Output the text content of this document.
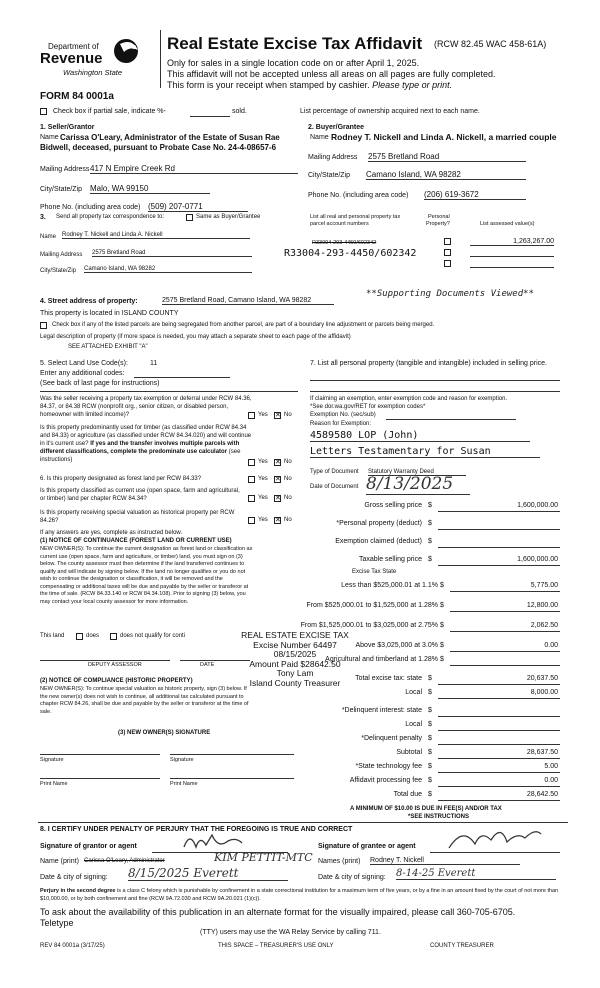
Department of
Revenue
Washington State
Real Estate Excise Tax Affidavit (RCW 82.45 WAC 458-61A)
Only for sales in a single location code on or after April 1, 2025.
This affidavit will not be accepted unless all areas on all pages are fully completed.
This form is your receipt when stamped by cashier. Please type or print.
FORM 84 0001a
Check box if partial sale, indicate %-	sold.	List percentage of ownership acquired next to each name.
1. Seller/Grantor
Name Carissa O'Leary, Administrator of the Estate of Susan Rae
Bidwell, deceased, pursuant to Probate Case No. 24-4-08657-6
Mailing Address 417 N Empire Creek Rd
City/State/Zip Malo, WA 99150
Phone No. (including area code) (509) 207-0771
2. Buyer/Grantee
Name Rodney T. Nickell and Linda A. Nickell, a married couple
Mailing Address 2575 Bretland Road
City/State/Zip Camano Island, WA 98282
Phone No. (including area code) (206) 619-3672
3. Send all property tax correspondence to:	Same as Buyer/Grantee
Name Rodney T. Nickell and Linda A. Nickell
Mailing Address 2575 Bretland Road
City/State/Zip Camano Island, WA 98282
List all real and personal property tax
parcel account numbers
Personal
Property?	List assessed value(s)
R33004-293-4450/602342
R33004-293-4450/602342
1,263,267.00
**Supporting Documents Viewed**
4. Street address of property:	2575 Bretland Road, Camano Island, WA 98282
This property is located in ISLAND COUNTY
Check box if any of the listed parcels are being segregated from another parcel, are part of a boundary line adjustment or parcels being merged.
Legal description of property (if more space is needed, you may attach a separate sheet to each page of the affidavit)
SEE ATTACHED EXHIBIT "A"
5. Select Land Use Code(s):	11
Enter any additional codes:
(See back of last page for instructions)
Was the seller receiving a property tax exemption or deferral under RCW 84.36, 84.37, or 84.38 RCW (nonprofit org., senior citizen, or disabled person, homeowner with limited income)?	Yes ✕ No
Is this property predominantly used for timber (as classified under RCW 84.34 and 84.33) or agriculture (as classified under RCW 84.34.020) and will continue in it's current use? If yes and the transfer involves multiple parcels with different classifications, complete the predominate use calculator (see instructions)	Yes ✕ No
6. Is this property designated as forest land per RCW 84.33?	Yes ✕ No
Is this property classified as current use (open space, farm and agricultural, or timber) land per chapter RCW 84.34?	Yes ✕ No
Is this property receiving special valuation as historical property per RCW 84.26?	Yes ✕ No
If any answers are yes, complete as instructed below.
(1) NOTICE OF CONTINUANCE (FOREST LAND OR CURRENT USE)
NEW OWNER(S): To continue the current designation as forest land or classification as current use (open space, farm and agriculture, or timber) land, you must sign on (3) below. The county assessor must then determine if the land transferred continues to qualify and will indicate by signing below. If the land no longer qualifies or you do not wish to continue the designation or classification, it will be removed and the compensating or additional taxes will be due and payable by the seller or transferor at the time of sale. (RCW 84.33.140 or RCW 84.34.108). Prior to signing (3) below, you may contact your local county assessor for more information.
This land	does	does not qualify for conti
DEPUTY ASSESSOR	DATE
(2) NOTICE OF COMPLIANCE (HISTORIC PROPERTY)
NEW OWNER(S): To continue special valuation as historic property, sign (3) below. If the new owner(s) does not wish to continue, all additional tax calculated pursuant to chapter RCW 84.26, shall be due and payable by the seller or transferor at the time of sale.
(3) NEW OWNER(S) SIGNATURE
Signature	Signature
Print Name	Print Name
REAL ESTATE EXCISE TAX
Excise Number 64497
08/15/2025
Amount Paid $28642.50
Tony Lam
Island County Treasurer
7. List all personal property (tangible and intangible) included in selling price.
If claiming an exemption, enter exemption code and reason for exemption.
*See dor.wa.gov/RET for exemption codes*
Exemption No. (sec/sub)
Reason for Exemption:
4589580 LOP (John)
Letters Testamentary for Susan
Type of Document Statutory Warranty Deed
Date of Document 8/13/2025
Gross selling price $	1,600,000.00
*Personal property (deduct) $
Exemption claimed (deduct) $
Taxable selling price $	1,600,000.00
Excise Tax State
Less than $525,000.01 at 1.1% $	5,775.00
From $525,000.01 to $1,525,000 at 1.28% $	12,800.00
From $1,525,000.01 to $3,025,000 at 2.75% $	2,062.50
Above $3,025,000 at 3.0% $	0.00
Agricultural and timberland at 1.28% $
Total excise tax: state $	20,637.50
Local $	8,000.00
*Delinquent interest: state $
Local $
*Delinquent penalty $
Subtotal $	28,637.50
*State technology fee $	5.00
Affidavit processing fee $	0.00
Total due $	28,642.50
A MINIMUM OF $10.00 IS DUE IN FEE(S) AND/OR TAX
*SEE INSTRUCTIONS
8. I CERTIFY UNDER PENALTY OF PERJURY THAT THE FOREGOING IS TRUE AND CORRECT
Signature of grantor or agent	Signature of grantee or agent
Name (print) Carissa O'Leary, Administrator	KIM PETTIT-MTC Names (print) Rodney T. Nickell
Date & city of signing: 8/15/2025 Everett	Date & city of signing: 8-14-25 Everett
Perjury in the second degree is a class C felony which is punishable by confinement in a state correctional institution for a maximum term of five years, or by a fine in an amount fixed by the court of not more than $10,000.00, or by both confinement and fine (RCW 9A.72.030 and RCW 9A.20.021 (1)(c)).
To ask about the availability of this publication in an alternate format for the visually impaired, please call 360-705-6705.
Teletype
(TTY) users may use the WA Relay Service by calling 711.
REV 84 0001a (3/17/25)	THIS SPACE – TREASURER'S USE ONLY	COUNTY TREASURER
